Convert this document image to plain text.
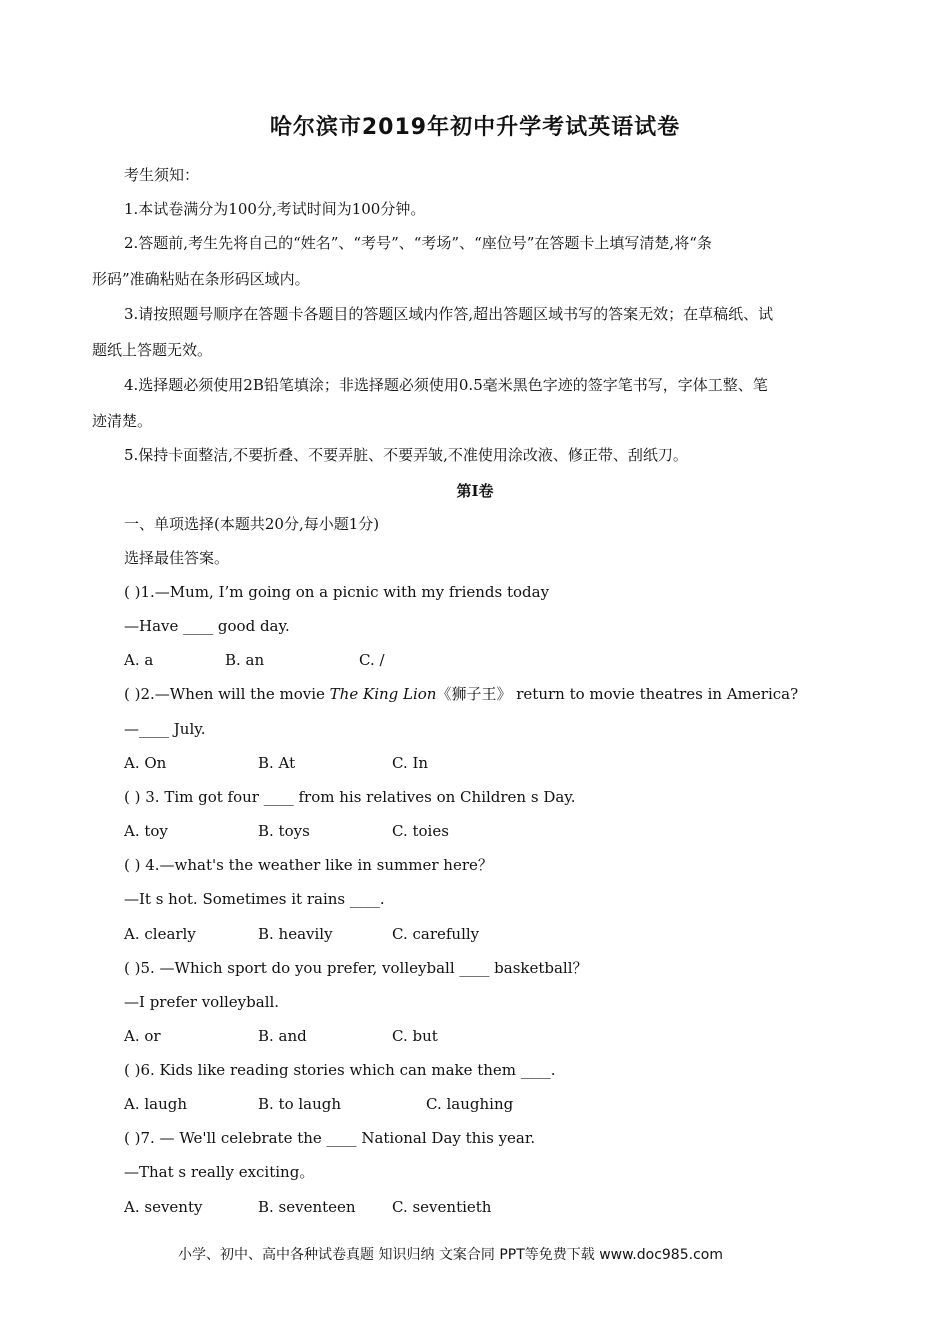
哈尔滨市2019年初中升学考试英语试卷
考生须知：
1.本试卷满分为100分,考试时间为100分钟。
2.答题前,考生先将自己的“姓名”、“考号”、“考场”、“座位号”在答题卡上填写清楚,将“条
形码”准确粘贴在条形码区域内。
3.请按照题号顺序在答题卡各题目的答题区域内作答,超出答题区域书写的答案无效；在草稿纸、试
题纸上答题无效。
4.选择题必须使用2B铅笔填涂；非选择题必须使用0.5毫米黑色字迹的签字笔书写，字体工整、笔
迹清楚。
5.保持卡面整洁,不要折叠、不要弄脏、不要弄皱,不准使用涂改液、修正带、刮纸刀。
第Ⅰ卷
一、单项选择(本题共20分,每小题1分)
选择最佳答案。
( )1.—Mum, I’m going on a picnic with my friends today
—Have ____ good day.
A. a	B. an	C. /
( )2.—When will the movie The King Lion《狮子王》 return to movie theatres in America?
—____ July.
A. On	B. At	C. In
( ) 3. Tim got four ____ from his relatives on Children s Day.
A. toy	B. toys	C. toies
( ) 4.—what's the weather like in summer here？
—It s hot. Sometimes it rains ____.
A. clearly	B. heavily	C. carefully
( )5. —Which sport do you prefer, volleyball ____ basketball？
—I prefer volleyball.
A. or	B. and	C. but
( )6. Kids like reading stories which can make them ____.
A. laugh	B. to laugh	C. laughing
( )7. — We'll celebrate the ____ National Day this year.
—That s really exciting。
A. seventy	B. seventeen C. seventieth
小学、初中、高中各种试卷真题 知识归纳 文案合同 PPT等免费下载 www.doc985.com
